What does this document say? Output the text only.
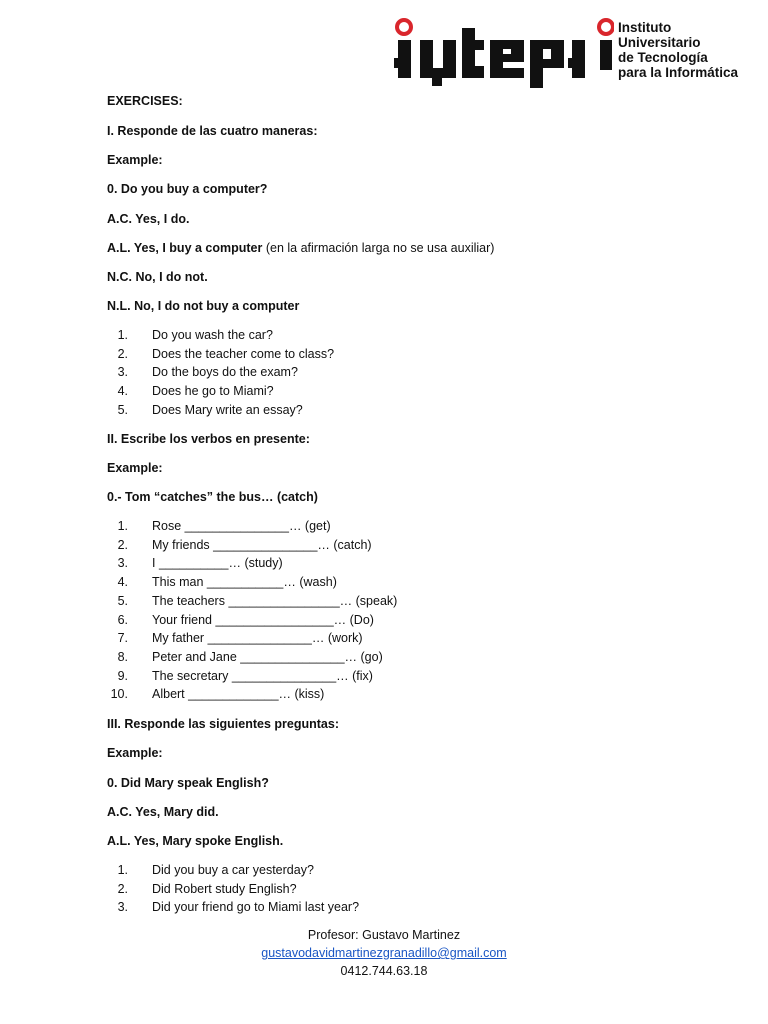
Instituto
Universitario
de Tecnología
para la Informática
EXERCISES:
I. Responde de las cuatro maneras:
Example:
0. Do you buy a computer?
A.C. Yes, I do.
A.L. Yes, I buy a computer (en la afirmación larga no se usa auxiliar)
N.C. No, I do not.
N.L. No, I do not buy a computer
1. Do you wash the car?
2. Does the teacher come to class?
3. Do the boys do the exam?
4. Does he go to Miami?
5. Does Mary write an essay?
II. Escribe los verbos en presente:
Example:
0.- Tom “catches” the bus… (catch)
1. Rose _______________… (get)
2. My friends _______________… (catch)
3. I __________… (study)
4. This man ___________… (wash)
5. The teachers ________________… (speak)
6. Your friend _________________… (Do)
7. My father _______________… (work)
8. Peter and Jane _______________… (go)
9. The secretary _______________… (fix)
10. Albert _____________… (kiss)
III. Responde las siguientes preguntas:
Example:
0. Did Mary speak English?
A.C. Yes, Mary did.
A.L. Yes, Mary spoke English.
1. Did you buy a car yesterday?
2. Did Robert study English?
3. Did your friend go to Miami last year?
Profesor: Gustavo Martinez
gustavodavidmartinezgranadillo@gmail.com
0412.744.63.18
